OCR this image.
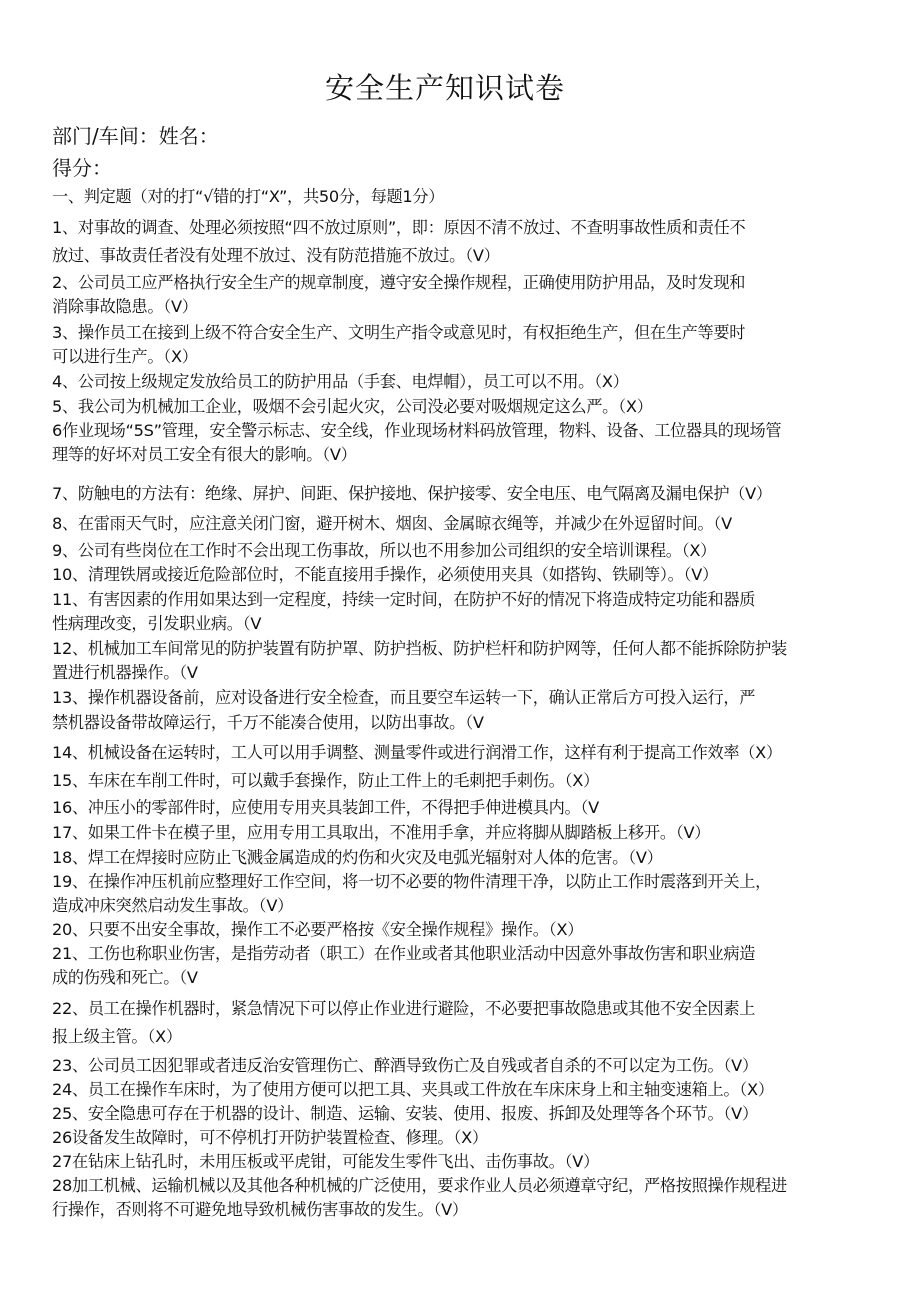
安全生产知识试卷
部门/车间：姓名：
得分：
一、判定题（对的打“√错的打“X”，共50分，每题1分）
1、对事故的调查、处理必须按照“四不放过原则”，即：原因不清不放过、不查明事故性质和责任不
放过、事故责任者没有处理不放过、没有防范措施不放过。（V）
2、公司员工应严格执行安全生产的规章制度，遵守安全操作规程，正确使用防护用品，及时发现和
消除事故隐患。（V）
3、操作员工在接到上级不符合安全生产、文明生产指令或意见时，有权拒绝生产，但在生产等要时
可以进行生产。（X）
4、公司按上级规定发放给员工的防护用品（手套、电焊帽），员工可以不用。（X）
5、我公司为机械加工企业，吸烟不会引起火灾，公司没必要对吸烟规定这么严。（X）
6作业现场“5S”管理，安全警示标志、安全线，作业现场材料码放管理，物料、设备、工位器具的现场管
理等的好坏对员工安全有很大的影响。（V）
7、防触电的方法有：绝缘、屏护、间距、保护接地、保护接零、安全电压、电气隔离及漏电保护（V）
8、在雷雨天气时，应注意关闭门窗，避开树木、烟囱、金属晾衣绳等，并减少在外逗留时间。（V
9、公司有些岗位在工作时不会出现工伤事故，所以也不用参加公司组织的安全培训课程。（X）
10、清理铁屑或接近危险部位时，不能直接用手操作，必须使用夹具（如搭钩、铁刷等）。（V）
11、有害因素的作用如果达到一定程度，持续一定时间，在防护不好的情况下将造成特定功能和器质
性病理改变，引发职业病。（V
12、机械加工车间常见的防护装置有防护罩、防护挡板、防护栏杆和防护网等，任何人都不能拆除防护装
置进行机器操作。（V
13、操作机器设备前，应对设备进行安全检查，而且要空车运转一下，确认正常后方可投入运行，严
禁机器设备带故障运行，千万不能凑合使用，以防出事故。（V
14、机械设备在运转时，工人可以用手调整、测量零件或进行润滑工作，这样有利于提高工作效率（X）
15、车床在车削工件时，可以戴手套操作，防止工件上的毛刺把手刺伤。（X）
16、冲压小的零部件时，应使用专用夹具装卸工件，不得把手伸进模具内。（V
17、如果工件卡在模子里，应用专用工具取出，不准用手拿，并应将脚从脚踏板上移开。（V）
18、焊工在焊接时应防止飞溅金属造成的灼伤和火灾及电弧光辐射对人体的危害。（V）
19、在操作冲压机前应整理好工作空间，将一切不必要的物件清理干净，以防止工作时震落到开关上，
造成冲床突然启动发生事故。（V）
20、只要不出安全事故，操作工不必要严格按《安全操作规程》操作。（X）
21、工伤也称职业伤害，是指劳动者（职工）在作业或者其他职业活动中因意外事故伤害和职业病造
成的伤残和死亡。（V
22、员工在操作机器时，紧急情况下可以停止作业进行避险，不必要把事故隐患或其他不安全因素上
报上级主管。（X）
23、公司员工因犯罪或者违反治安管理伤亡、醉酒导致伤亡及自残或者自杀的不可以定为工伤。（V）
24、员工在操作车床时，为了使用方便可以把工具、夹具或工件放在车床床身上和主轴变速箱上。（X）
25、安全隐患可存在于机器的设计、制造、运输、安装、使用、报废、拆卸及处理等各个环节。（V）
26设备发生故障时，可不停机打开防护装置检查、修理。（X）
27在钻床上钻孔时，未用压板或平虎钳，可能发生零件飞出、击伤事故。（V）
28加工机械、运输机械以及其他各种机械的广泛使用，要求作业人员必须遵章守纪，严格按照操作规程进
行操作，否则将不可避免地导致机械伤害事故的发生。（V）
